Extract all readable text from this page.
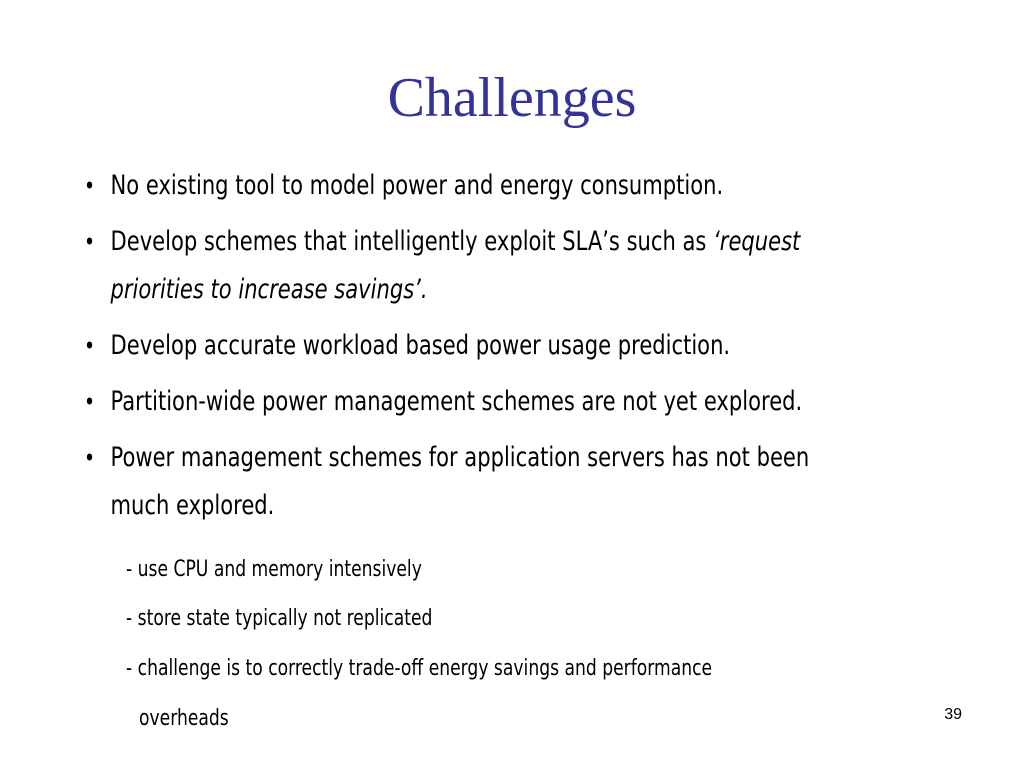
Challenges
• No existing tool to model power and energy consumption.
• Develop schemes that intelligently exploit SLA’s such as ‘request
priorities to increase savings’.
• Develop accurate workload based power usage prediction.
• Partition-wide power management schemes are not yet explored.
• Power management schemes for application servers has not been
much explored.
- use CPU and memory intensively
- store state typically not replicated
- challenge is to correctly trade-off energy savings and performance
overheads	39
